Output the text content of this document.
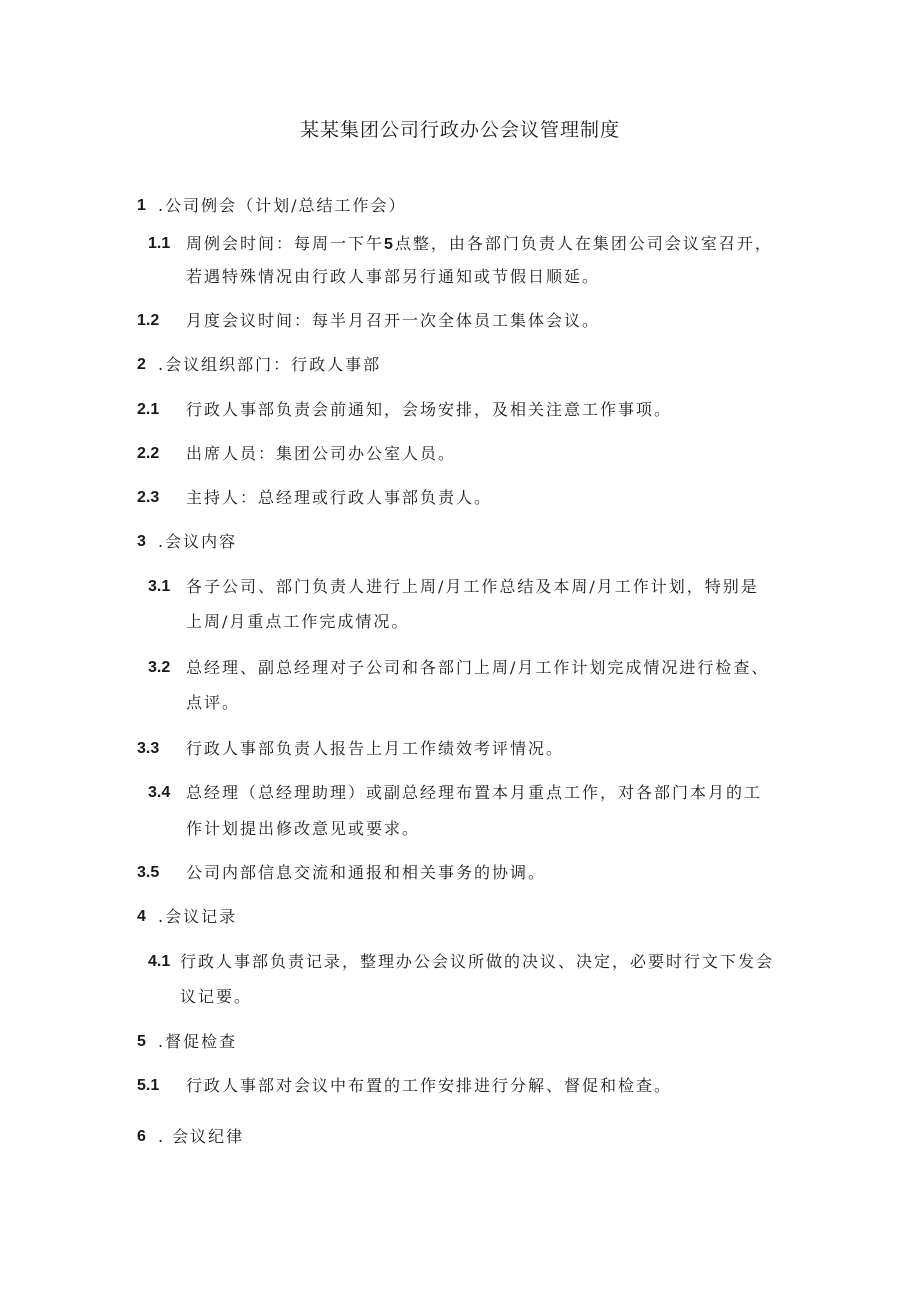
某某集团公司行政办公会议管理制度
1 .公司例会（计划/总结工作会）
1.1 周例会时间：每周一下午5点整，由各部门负责人在集团公司会议室召开，
若遇特殊情况由行政人事部另行通知或节假日顺延。
1.2 月度会议时间：每半月召开一次全体员工集体会议。
2 .会议组织部门：行政人事部
2.1 行政人事部负责会前通知，会场安排，及相关注意工作事项。
2.2 出席人员：集团公司办公室人员。
2.3 主持人：总经理或行政人事部负责人。
3 .会议内容
3.1 各子公司、部门负责人进行上周/月工作总结及本周/月工作计划，特别是
上周/月重点工作完成情况。
3.2 总经理、副总经理对子公司和各部门上周/月工作计划完成情况进行检查、
点评。
3.3 行政人事部负责人报告上月工作绩效考评情况。
3.4 总经理（总经理助理）或副总经理布置本月重点工作，对各部门本月的工
作计划提出修改意见或要求。
3.5 公司内部信息交流和通报和相关事务的协调。
4 .会议记录
4.1 行政人事部负责记录，整理办公会议所做的决议、决定，必要时行文下发会
议记要。
5 .督促检查
5.1 行政人事部对会议中布置的工作安排进行分解、督促和检查。
6 . 会议纪律
